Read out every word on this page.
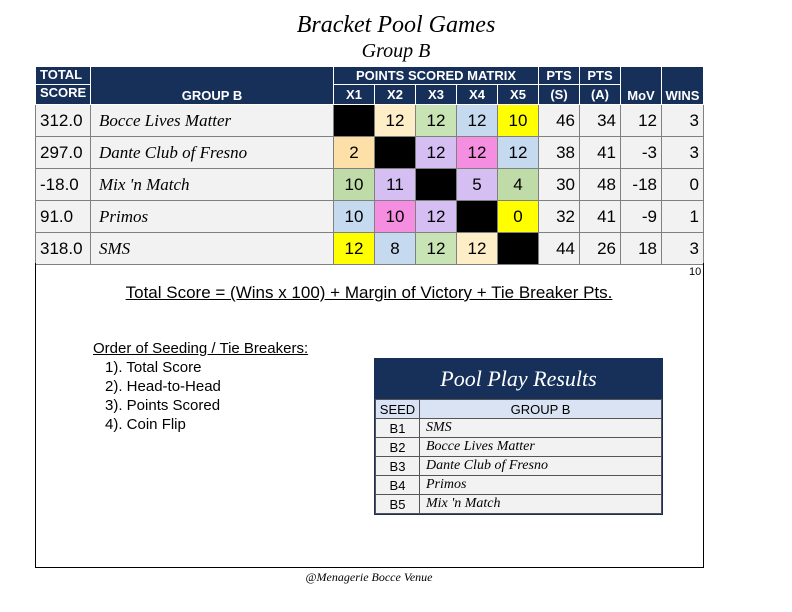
Bracket Pool Games
Group B
TOTAL	GROUP B	POINTS SCORED MATRIX					PTS	PTS	MoV	WINS
SCORE		X1	X2	X3	X4	X5	(S)	(A)		
312.0	Bocce Lives Matter		12	12	12	10	46	34	12	3
297.0	Dante Club of Fresno	2		12	12	12	38	41	-3	3
-18.0	Mix 'n Match	10	11		5	4	30	48	-18	0
91.0	Primos	10	10	12		0	32	41	-9	1
318.0	SMS	12	8	12	12		44	26	18	3
10
Total Score = (Wins x 100) + Margin of Victory + Tie Breaker Pts.
Order of Seeding / Tie Breakers:
1). Total Score
2). Head-to-Head
3). Points Scored
4). Coin Flip
Pool Play Results
SEED	GROUP B
B1	SMS
B2	Bocce Lives Matter
B3	Dante Club of Fresno
B4	Primos
B5	Mix 'n Match
@Menagerie Bocce Venue
